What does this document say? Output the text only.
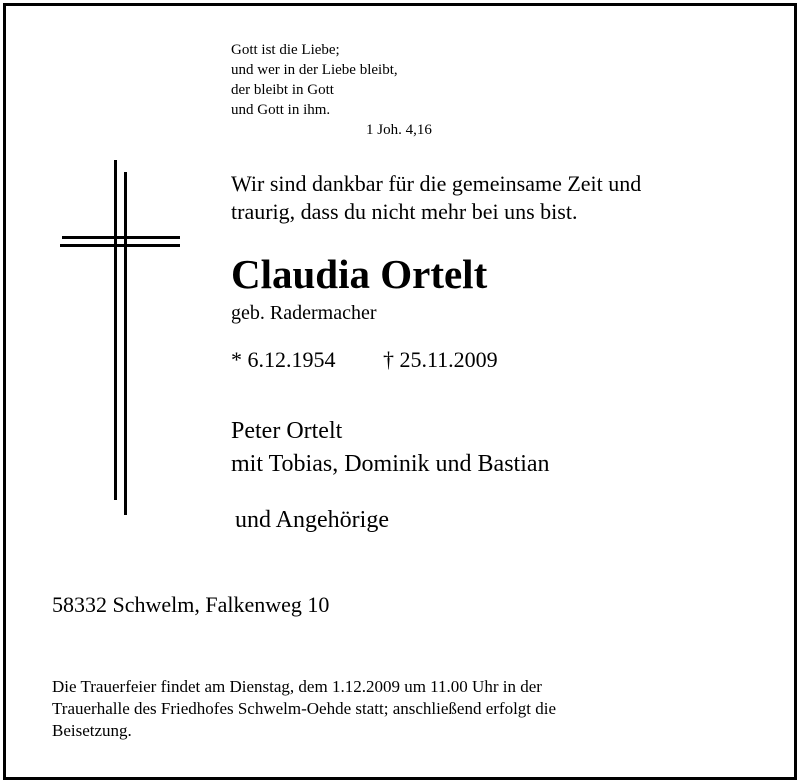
Gott ist die Liebe;
und wer in der Liebe bleibt,
der bleibt in Gott
und Gott in ihm.
1 Joh. 4,16
Wir sind dankbar für die gemeinsame Zeit und
traurig, dass du nicht mehr bei uns bist.
Claudia Ortelt
geb. Radermacher
* 6.12.1954 † 25.11.2009
Peter Ortelt
mit Tobias, Dominik und Bastian
und Angehörige
58332 Schwelm, Falkenweg 10
Die Trauerfeier findet am Dienstag, dem 1.12.2009 um 11.00 Uhr in der
Trauerhalle des Friedhofes Schwelm-Oehde statt; anschließend erfolgt die
Beisetzung.
